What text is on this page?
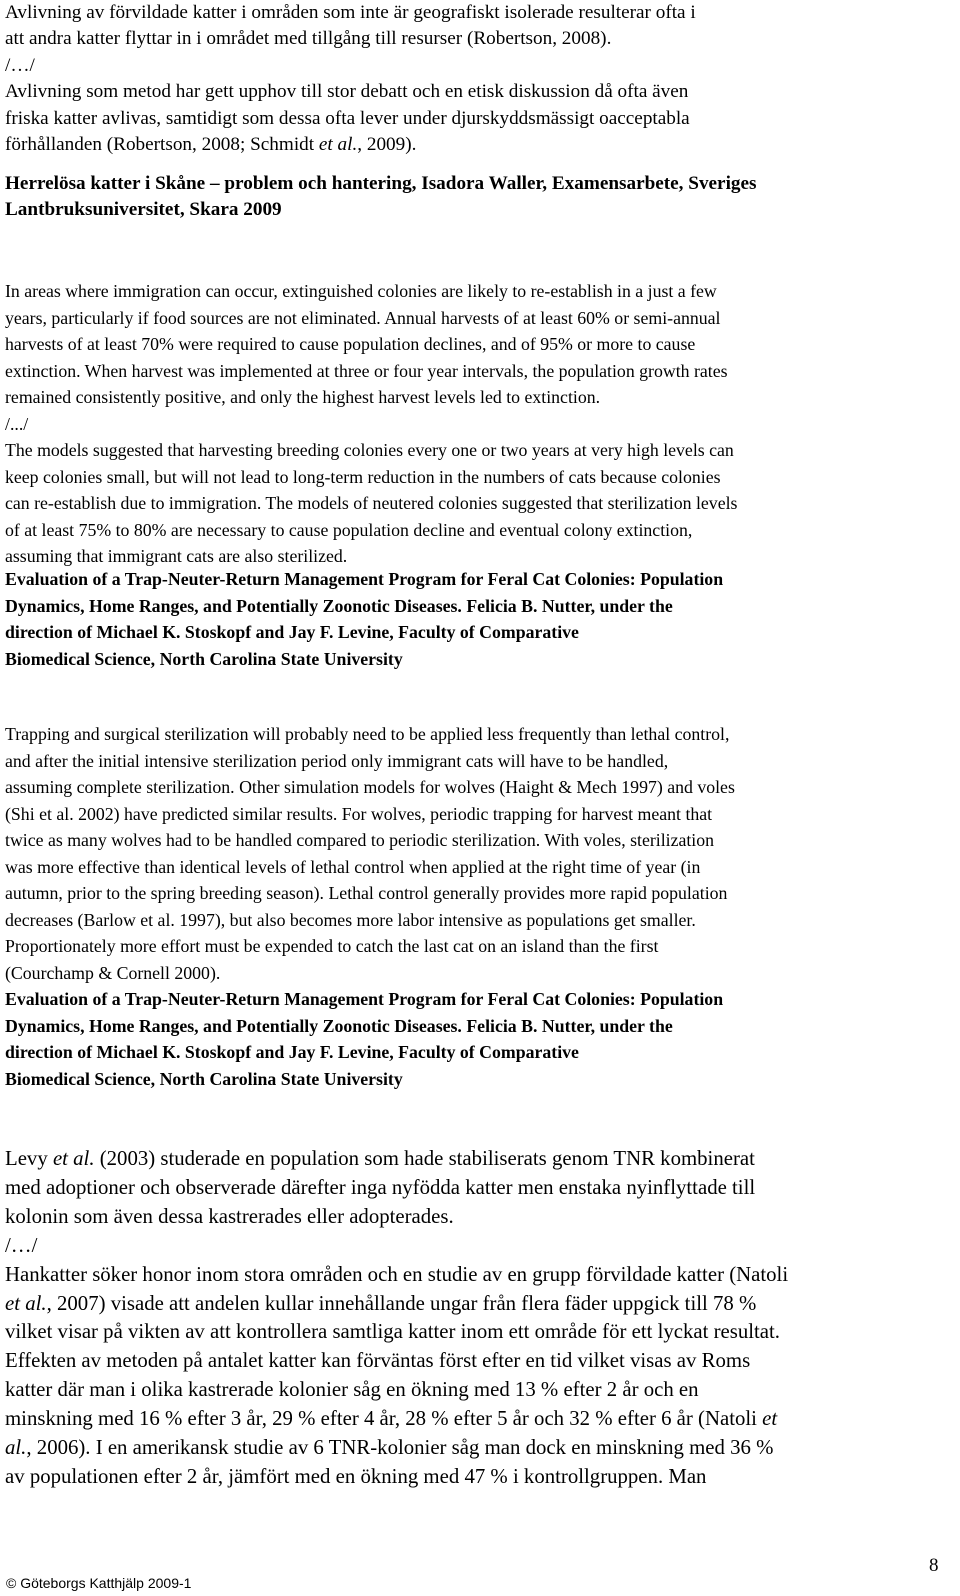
Avlivning av förvildade katter i områden som inte är geografiskt isolerade resulterar ofta i
att andra katter flyttar in i området med tillgång till resurser (Robertson, 2008).
/…/
Avlivning som metod har gett upphov till stor debatt och en etisk diskussion då ofta även
friska katter avlivas, samtidigt som dessa ofta lever under djurskyddsmässigt oacceptabla
förhållanden (Robertson, 2008; Schmidt et al., 2009).
Herrelösa katter i Skåne – problem och hantering, Isadora Waller, Examensarbete, Sveriges
Lantbruksuniversitet, Skara 2009
In areas where immigration can occur, extinguished colonies are likely to re-establish in a just a few
years, particularly if food sources are not eliminated. Annual harvests of at least 60% or semi-annual
harvests of at least 70% were required to cause population declines, and of 95% or more to cause
extinction. When harvest was implemented at three or four year intervals, the population growth rates
remained consistently positive, and only the highest harvest levels led to extinction.
/.../
The models suggested that harvesting breeding colonies every one or two years at very high levels can
keep colonies small, but will not lead to long-term reduction in the numbers of cats because colonies
can re-establish due to immigration. The models of neutered colonies suggested that sterilization levels
of at least 75% to 80% are necessary to cause population decline and eventual colony extinction,
assuming that immigrant cats are also sterilized.
Evaluation of a Trap-Neuter-Return Management Program for Feral Cat Colonies: Population
Dynamics, Home Ranges, and Potentially Zoonotic Diseases. Felicia B. Nutter, under the
direction of Michael K. Stoskopf and Jay F. Levine, Faculty of Comparative
Biomedical Science, North Carolina State University
Trapping and surgical sterilization will probably need to be applied less frequently than lethal control,
and after the initial intensive sterilization period only immigrant cats will have to be handled,
assuming complete sterilization. Other simulation models for wolves (Haight & Mech 1997) and voles
(Shi et al. 2002) have predicted similar results. For wolves, periodic trapping for harvest meant that
twice as many wolves had to be handled compared to periodic sterilization. With voles, sterilization
was more effective than identical levels of lethal control when applied at the right time of year (in
autumn, prior to the spring breeding season). Lethal control generally provides more rapid population
decreases (Barlow et al. 1997), but also becomes more labor intensive as populations get smaller.
Proportionately more effort must be expended to catch the last cat on an island than the first
(Courchamp & Cornell 2000).
Evaluation of a Trap-Neuter-Return Management Program for Feral Cat Colonies: Population
Dynamics, Home Ranges, and Potentially Zoonotic Diseases. Felicia B. Nutter, under the
direction of Michael K. Stoskopf and Jay F. Levine, Faculty of Comparative
Biomedical Science, North Carolina State University
Levy et al. (2003) studerade en population som hade stabiliserats genom TNR kombinerat
med adoptioner och observerade därefter inga nyfödda katter men enstaka nyinflyttade till
kolonin som även dessa kastrerades eller adopterades.
/…/
Hankatter söker honor inom stora områden och en studie av en grupp förvildade katter (Natoli
et al., 2007) visade att andelen kullar innehållande ungar från flera fäder uppgick till 78 %
vilket visar på vikten av att kontrollera samtliga katter inom ett område för ett lyckat resultat.
Effekten av metoden på antalet katter kan förväntas först efter en tid vilket visas av Roms
katter där man i olika kastrerade kolonier såg en ökning med 13 % efter 2 år och en
minskning med 16 % efter 3 år, 29 % efter 4 år, 28 % efter 5 år och 32 % efter 6 år (Natoli et
al., 2006). I en amerikansk studie av 6 TNR-kolonier såg man dock en minskning med 36 %
av populationen efter 2 år, jämfört med en ökning med 47 % i kontrollgruppen. Man
8
© Göteborgs Katthjälp 2009-1
